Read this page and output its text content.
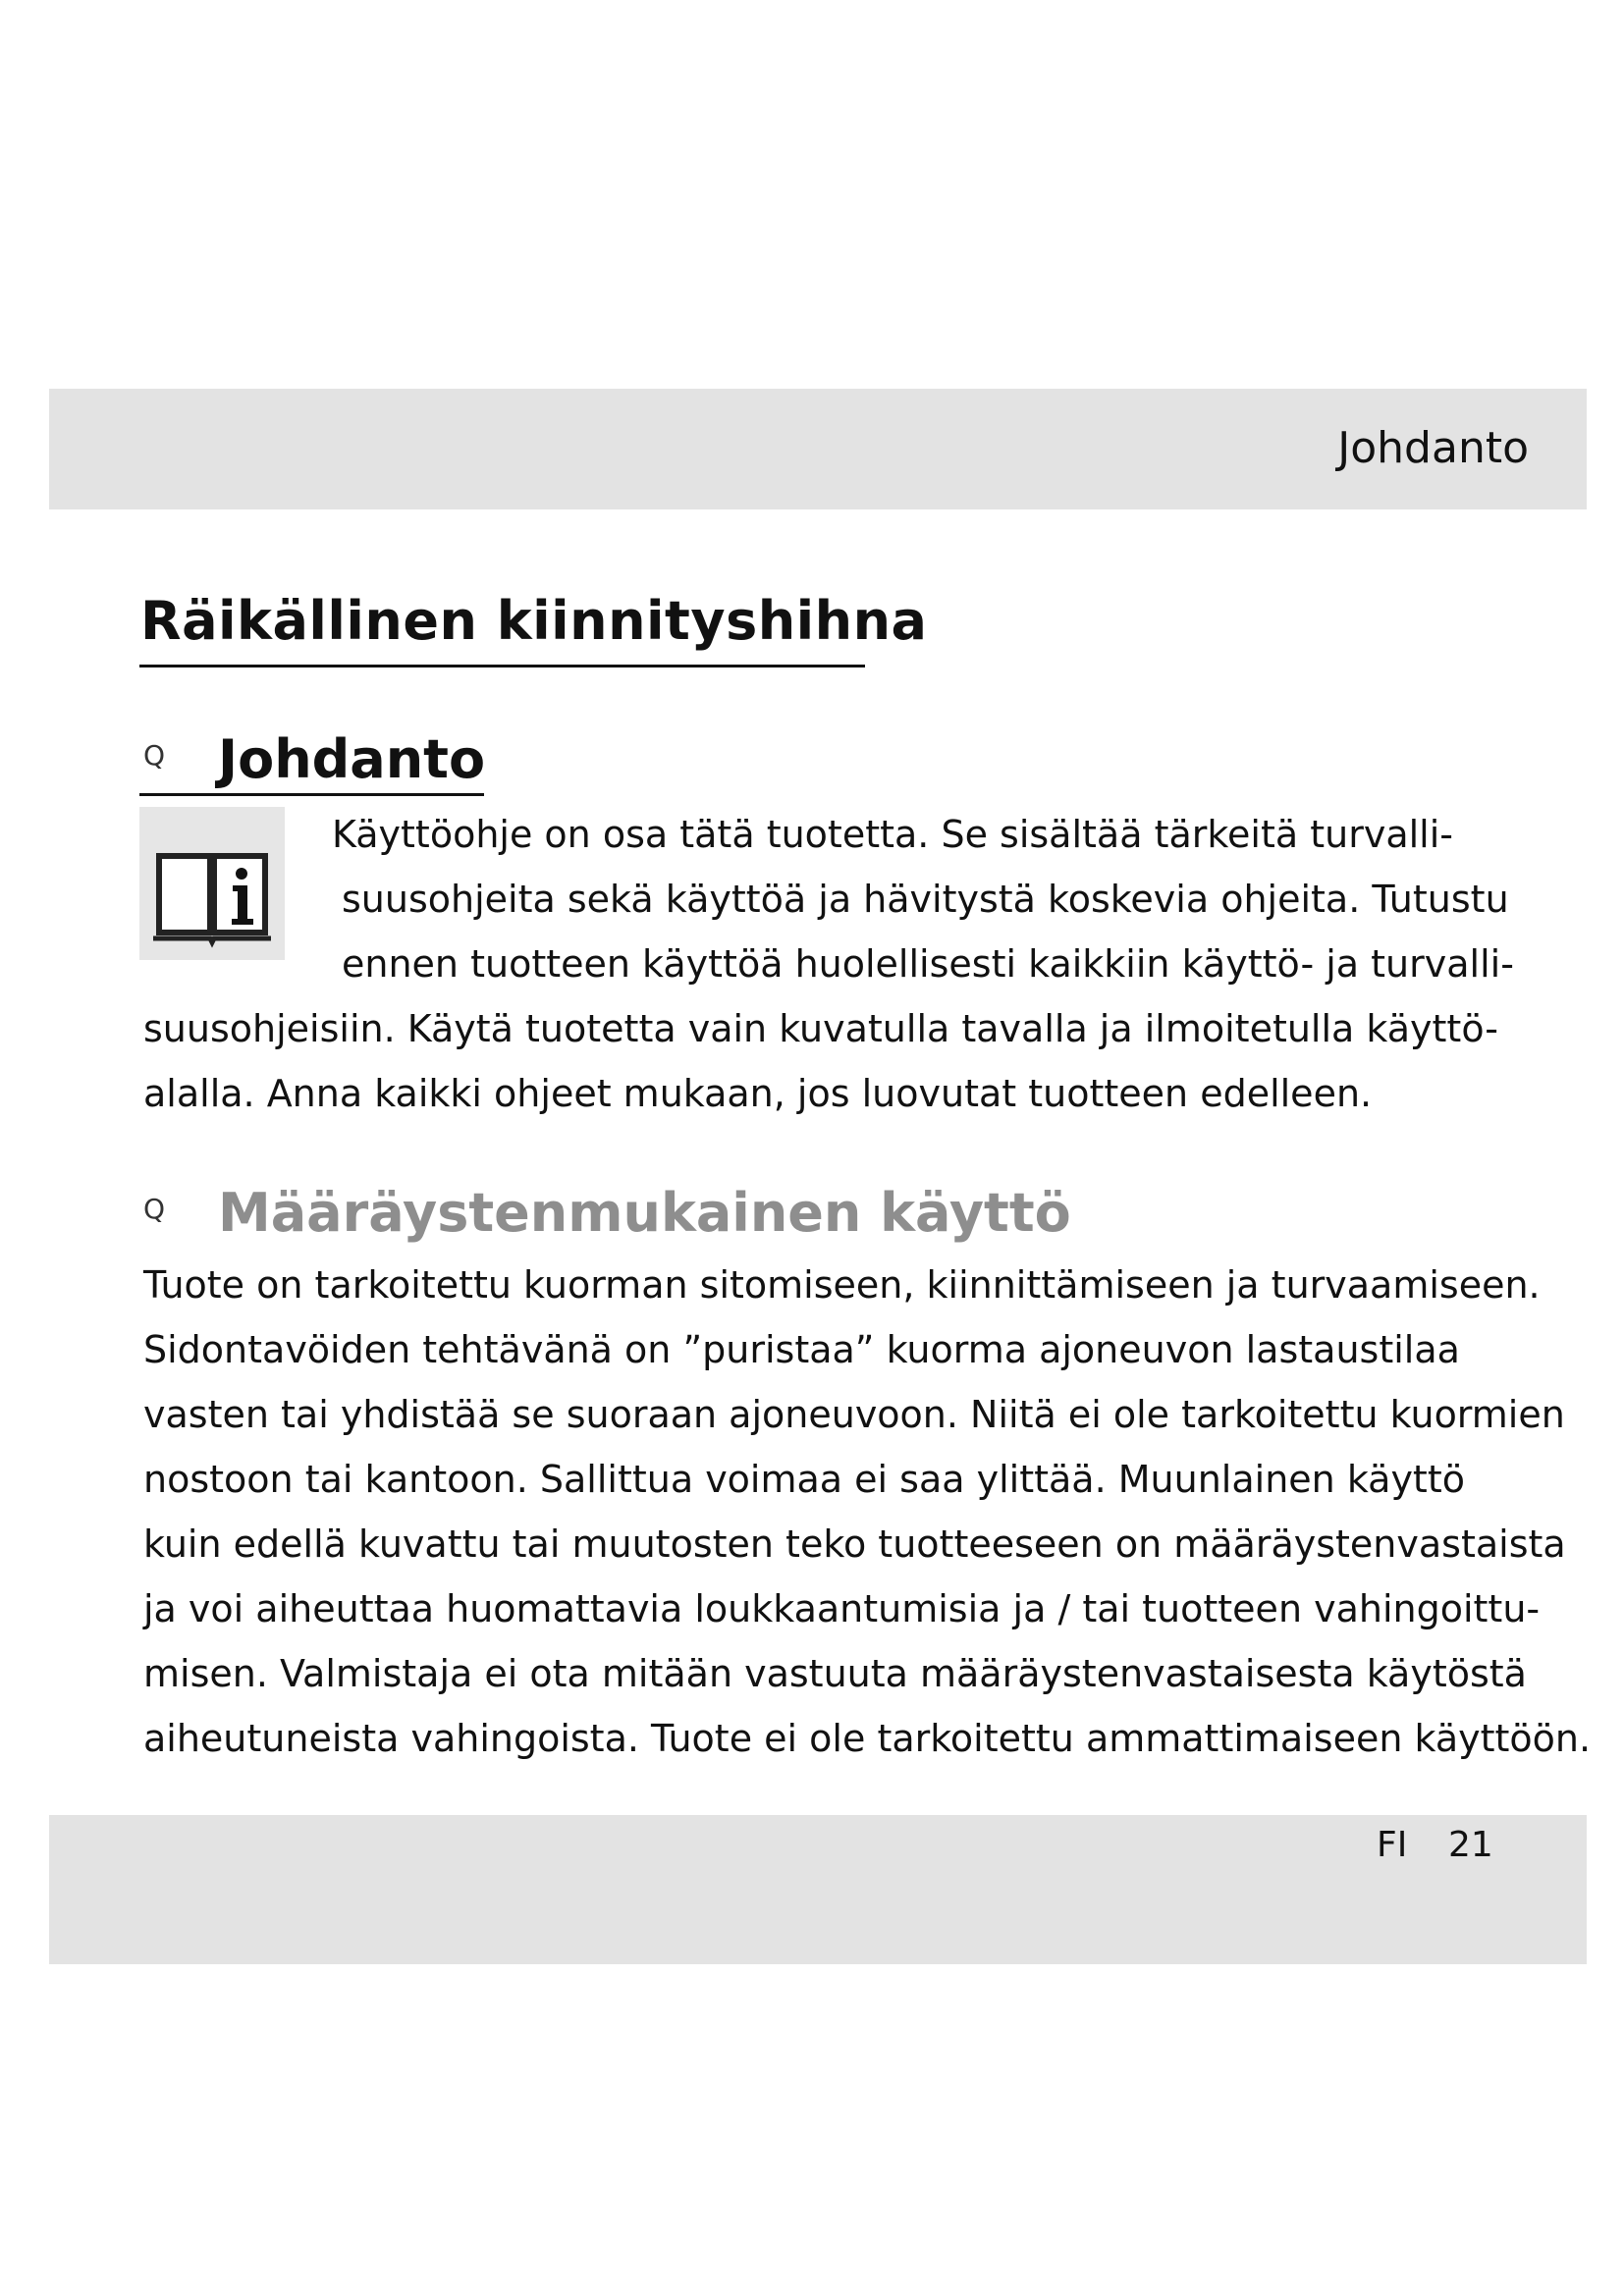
Johdanto
Räikällinen kiinnityshihna
Q Johdanto
Käyttöohje on osa tätä tuotetta. Se sisältää tärkeitä turvalli-
suusohjeita sekä käyttöä ja hävitystä koskevia ohjeita. Tutustu
ennen tuotteen käyttöä huolellisesti kaikkiin käyttö- ja turvalli-
suusohjeisiin. Käytä tuotetta vain kuvatulla tavalla ja ilmoitetulla käyttö-
alalla. Anna kaikki ohjeet mukaan, jos luovutat tuotteen edelleen.
Q Määräystenmukainen käyttö
Tuote on tarkoitettu kuorman sitomiseen, kiinnittämiseen ja turvaamiseen.
Sidontavöiden tehtävänä on ”puristaa” kuorma ajoneuvon lastaustilaa
vasten tai yhdistää se suoraan ajoneuvoon. Niitä ei ole tarkoitettu kuormien
nostoon tai kantoon. Sallittua voimaa ei saa ylittää. Muunlainen käyttö
kuin edellä kuvattu tai muutosten teko tuotteeseen on määräystenvastaista
ja voi aiheuttaa huomattavia loukkaantumisia ja / tai tuotteen vahingoittu-
misen. Valmistaja ei ota mitään vastuuta määräystenvastaisesta käytöstä
aiheutuneista vahingoista. Tuote ei ole tarkoitettu ammattimaiseen käyttöön.
FI 21
